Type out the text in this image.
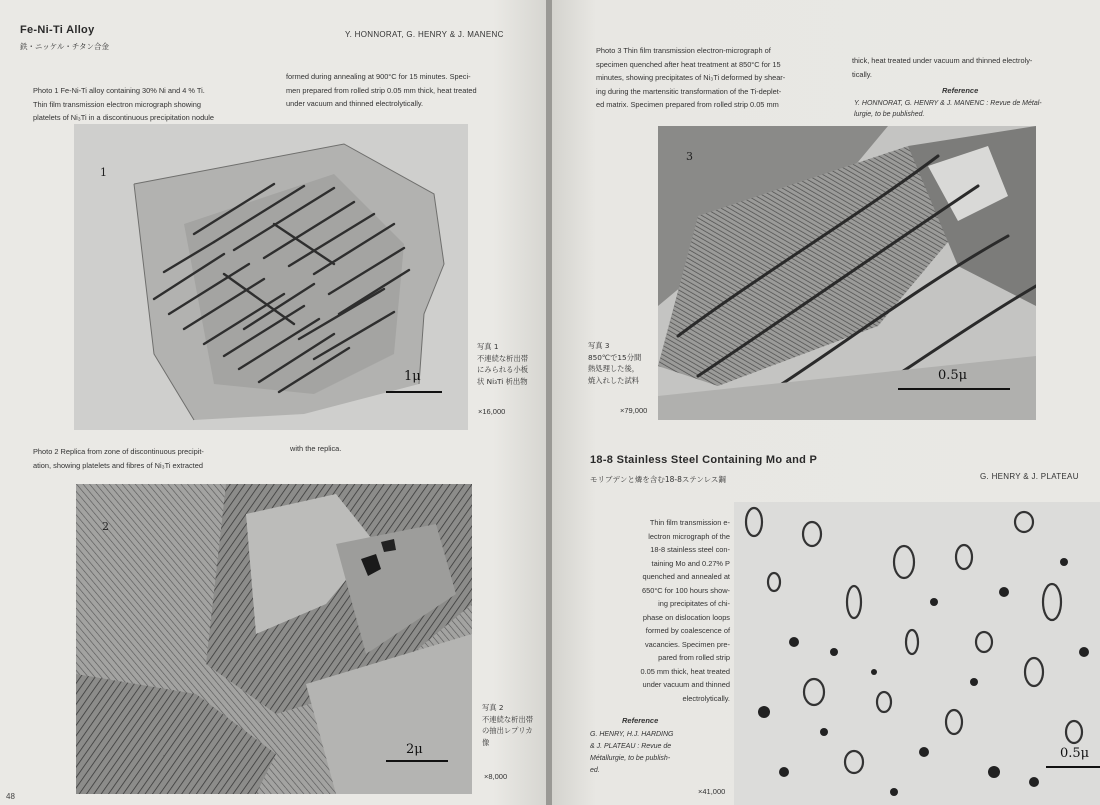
Fe-Ni-Ti Alloy
鉄・ニッケル・チタン合金
Y. HONNORAT, G. HENRY & J. MANENC
Photo 1 Fe-Ni-Ti alloy containing 30% Ni and 4 % Ti.
Thin film transmission electron micrograph showing
platelets of Ni₃Ti in a discontinuous precipitation nodule
formed during annealing at 900°C for 15 minutes. Speci-
men prepared from rolled strip 0.05 mm thick, heat treated
under vacuum and thinned electrolytically.
1
1μ
写真 1
不連続な析出帯
にみられる小板
状 Ni₃Ti 析出物
×16,000
Photo 2 Replica from zone of discontinuous precipit-
ation, showing platelets and fibres of Ni₃Ti extracted
with the replica.
2
2μ
写真 2
不連続な析出帯
の抽出レプリカ
像
×8,000
48
Photo 3 Thin film transmission electron-micrograph of
specimen quenched after heat treatment at 850°C for 15
minutes, showing precipitates of Ni₃Ti deformed by shear-
ing during the martensitic transformation of the Ti-deplet-
ed matrix. Specimen prepared from rolled strip 0.05 mm
thick, heat treated under vacuum and thinned electroly-
tically.
Reference
Y. HONNORAT, G. HENRY & J. MANENC : Revue de Métal-
lurgie, to be published.
3
0.5μ
写真 3
850℃で15分間
熱処理した後，
焼入れした試料
×79,000
18-8 Stainless Steel Containing Mo and P
モリブデンと燐を含む18-8ステンレス鋼	G. HENRY & J. PLATEAU
Thin film transmission e-
lectron micrograph of the
18-8 stainless steel con-
taining Mo and 0.27% P
quenched and annealed at
650°C for 100 hours show-
ing precipitates of chi-
phase on dislocation loops
formed by coalescence of
vacancies. Specimen pre-
pared from rolled strip
0.05 mm thick, heat treated
under vacuum and thinned
electrolytically.
Reference
G. HENRY, H.J. HARDING
& J. PLATEAU : Revue de
Métallurgie, to be publish-
ed.
0.5μ
×41,000
